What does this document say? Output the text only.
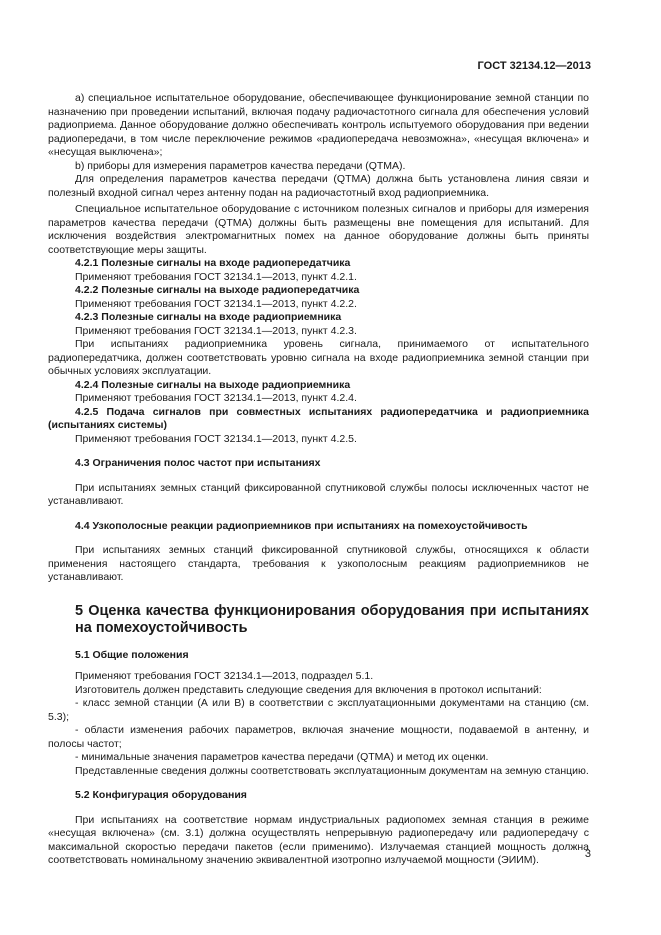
ГОСТ 32134.12—2013

а) специальное испытательное оборудование, обеспечивающее функционирование земной станции по назначению при проведении испытаний, включая подачу радиочастотного сигнала для обеспечения условий радиоприема. Данное оборудование должно обеспечивать контроль испытуемого оборудования при ведении радиопередачи, в том числе переключение режимов «радиопередача невозможна», «несущая включена» и «несущая выключена»;

b) приборы для измерения параметров качества передачи (QTMA).

Для определения параметров качества передачи (QTMA) должна быть установлена линия связи и полезный входной сигнал через антенну подан на радиочастотный вход радиоприемника.

Специальное испытательное оборудование с источником полезных сигналов и приборы для измерения параметров качества передачи (QTMA) должны быть размещены вне помещения для испытаний. Для исключения воздействия электромагнитных помех на данное оборудование должны быть приняты соответствующие меры защиты.

4.2.1 Полезные сигналы на входе радиопередатчика

Применяют требования ГОСТ 32134.1—2013, пункт 4.2.1.

4.2.2 Полезные сигналы на выходе радиопередатчика

Применяют требования ГОСТ 32134.1—2013, пункт 4.2.2.

4.2.3 Полезные сигналы на входе радиоприемника

Применяют требования ГОСТ 32134.1—2013, пункт 4.2.3.

При испытаниях радиоприемника уровень сигнала, принимаемого от испытательного радиопередатчика, должен соответствовать уровню сигнала на входе радиоприемника земной станции при обычных условиях эксплуатации.

4.2.4 Полезные сигналы на выходе радиоприемника

Применяют требования ГОСТ 32134.1—2013, пункт 4.2.4.

4.2.5 Подача сигналов при совместных испытаниях радиопередатчика и радиоприемника (испытаниях системы)

Применяют требования ГОСТ 32134.1—2013, пункт 4.2.5.

4.3 Ограничения полос частот при испытаниях

При испытаниях земных станций фиксированной спутниковой службы полосы исключенных частот не устанавливают.

4.4 Узкополосные реакции радиоприемников при испытаниях на помехоустойчивость

При испытаниях земных станций фиксированной спутниковой службы, относящихся к области применения настоящего стандарта, требования к узкополосным реакциям радиоприемников не устанавливают.

5 Оценка качества функционирования оборудования при испытаниях на помехоустойчивость

5.1 Общие положения

Применяют требования ГОСТ 32134.1—2013, подраздел 5.1.

Изготовитель должен представить следующие сведения для включения в протокол испытаний:

- класс земной станции (А или В) в соответствии с эксплуатационными документами на станцию (см. 5.3);

- области изменения рабочих параметров, включая значение мощности, подаваемой в антенну, и полосы частот;

- минимальные значения параметров качества передачи (QTMA) и метод их оценки.

Представленные сведения должны соответствовать эксплуатационным документам на земную станцию.

5.2 Конфигурация оборудования

При испытаниях на соответствие нормам индустриальных радиопомех земная станция в режиме «несущая включена» (см. 3.1) должна осуществлять непрерывную радиопередачу или радиопередачу с максимальной скоростью передачи пакетов (если применимо). Излучаемая станцией мощность должна соответствовать номинальному значению эквивалентной изотропно излучаемой мощности (ЭИИМ).	3
